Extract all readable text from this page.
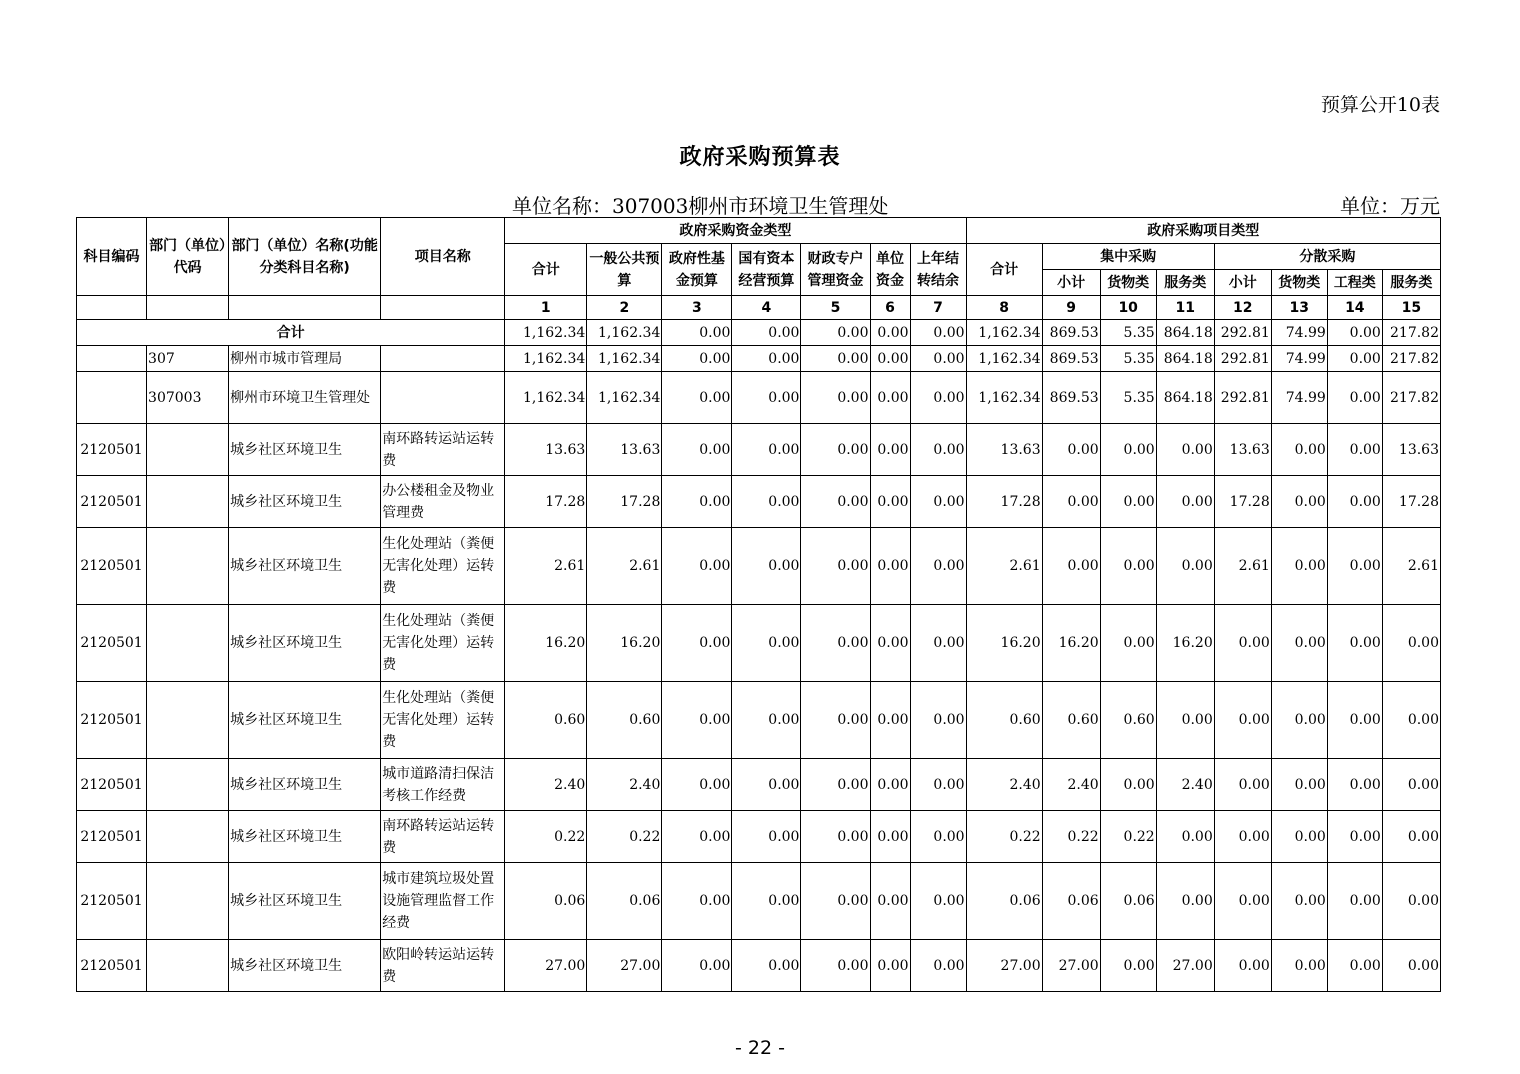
预算公开10表
政府采购预算表
单位名称：307003柳州市环境卫生管理处	单位：万元
科目编码	部门（单位）代码	部门（单位）名称(功能分类科目名称)	项目名称	政府采购资金类型							政府采购项目类型							
				合计	一般公共预算	政府性基金预算	国有资本经营预算	财政专户管理资金	单位资金	上年结转结余	合计	集中采购			分散采购			
												小计	货物类	服务类	小计	货物类	工程类	服务类
				1	2	3	4	5	6	7	8	9	10	11	12	13	14	15
合计				1,162.34	1,162.34	0.00	0.00	0.00	0.00	0.00	1,162.34	869.53	5.35	864.18	292.81	74.99	0.00	217.82
	307	柳州市城市管理局		1,162.34	1,162.34	0.00	0.00	0.00	0.00	0.00	1,162.34	869.53	5.35	864.18	292.81	74.99	0.00	217.82
	307003	柳州市环境卫生管理处		1,162.34	1,162.34	0.00	0.00	0.00	0.00	0.00	1,162.34	869.53	5.35	864.18	292.81	74.99	0.00	217.82
2120501		城乡社区环境卫生	南环路转运站运转费	13.63	13.63	0.00	0.00	0.00	0.00	0.00	13.63	0.00	0.00	0.00	13.63	0.00	0.00	13.63
2120501		城乡社区环境卫生	办公楼租金及物业管理费	17.28	17.28	0.00	0.00	0.00	0.00	0.00	17.28	0.00	0.00	0.00	17.28	0.00	0.00	17.28
2120501		城乡社区环境卫生	生化处理站（粪便无害化处理）运转费	2.61	2.61	0.00	0.00	0.00	0.00	0.00	2.61	0.00	0.00	0.00	2.61	0.00	0.00	2.61
2120501		城乡社区环境卫生	生化处理站（粪便无害化处理）运转费	16.20	16.20	0.00	0.00	0.00	0.00	0.00	16.20	16.20	0.00	16.20	0.00	0.00	0.00	0.00
2120501		城乡社区环境卫生	生化处理站（粪便无害化处理）运转费	0.60	0.60	0.00	0.00	0.00	0.00	0.00	0.60	0.60	0.60	0.00	0.00	0.00	0.00	0.00
2120501		城乡社区环境卫生	城市道路清扫保洁考核工作经费	2.40	2.40	0.00	0.00	0.00	0.00	0.00	2.40	2.40	0.00	2.40	0.00	0.00	0.00	0.00
2120501		城乡社区环境卫生	南环路转运站运转费	0.22	0.22	0.00	0.00	0.00	0.00	0.00	0.22	0.22	0.22	0.00	0.00	0.00	0.00	0.00
2120501		城乡社区环境卫生	城市建筑垃圾处置设施管理监督工作经费	0.06	0.06	0.00	0.00	0.00	0.00	0.00	0.06	0.06	0.06	0.00	0.00	0.00	0.00	0.00
2120501		城乡社区环境卫生	欧阳岭转运站运转费	27.00	27.00	0.00	0.00	0.00	0.00	0.00	27.00	27.00	0.00	27.00	0.00	0.00	0.00	0.00
- 22 -
